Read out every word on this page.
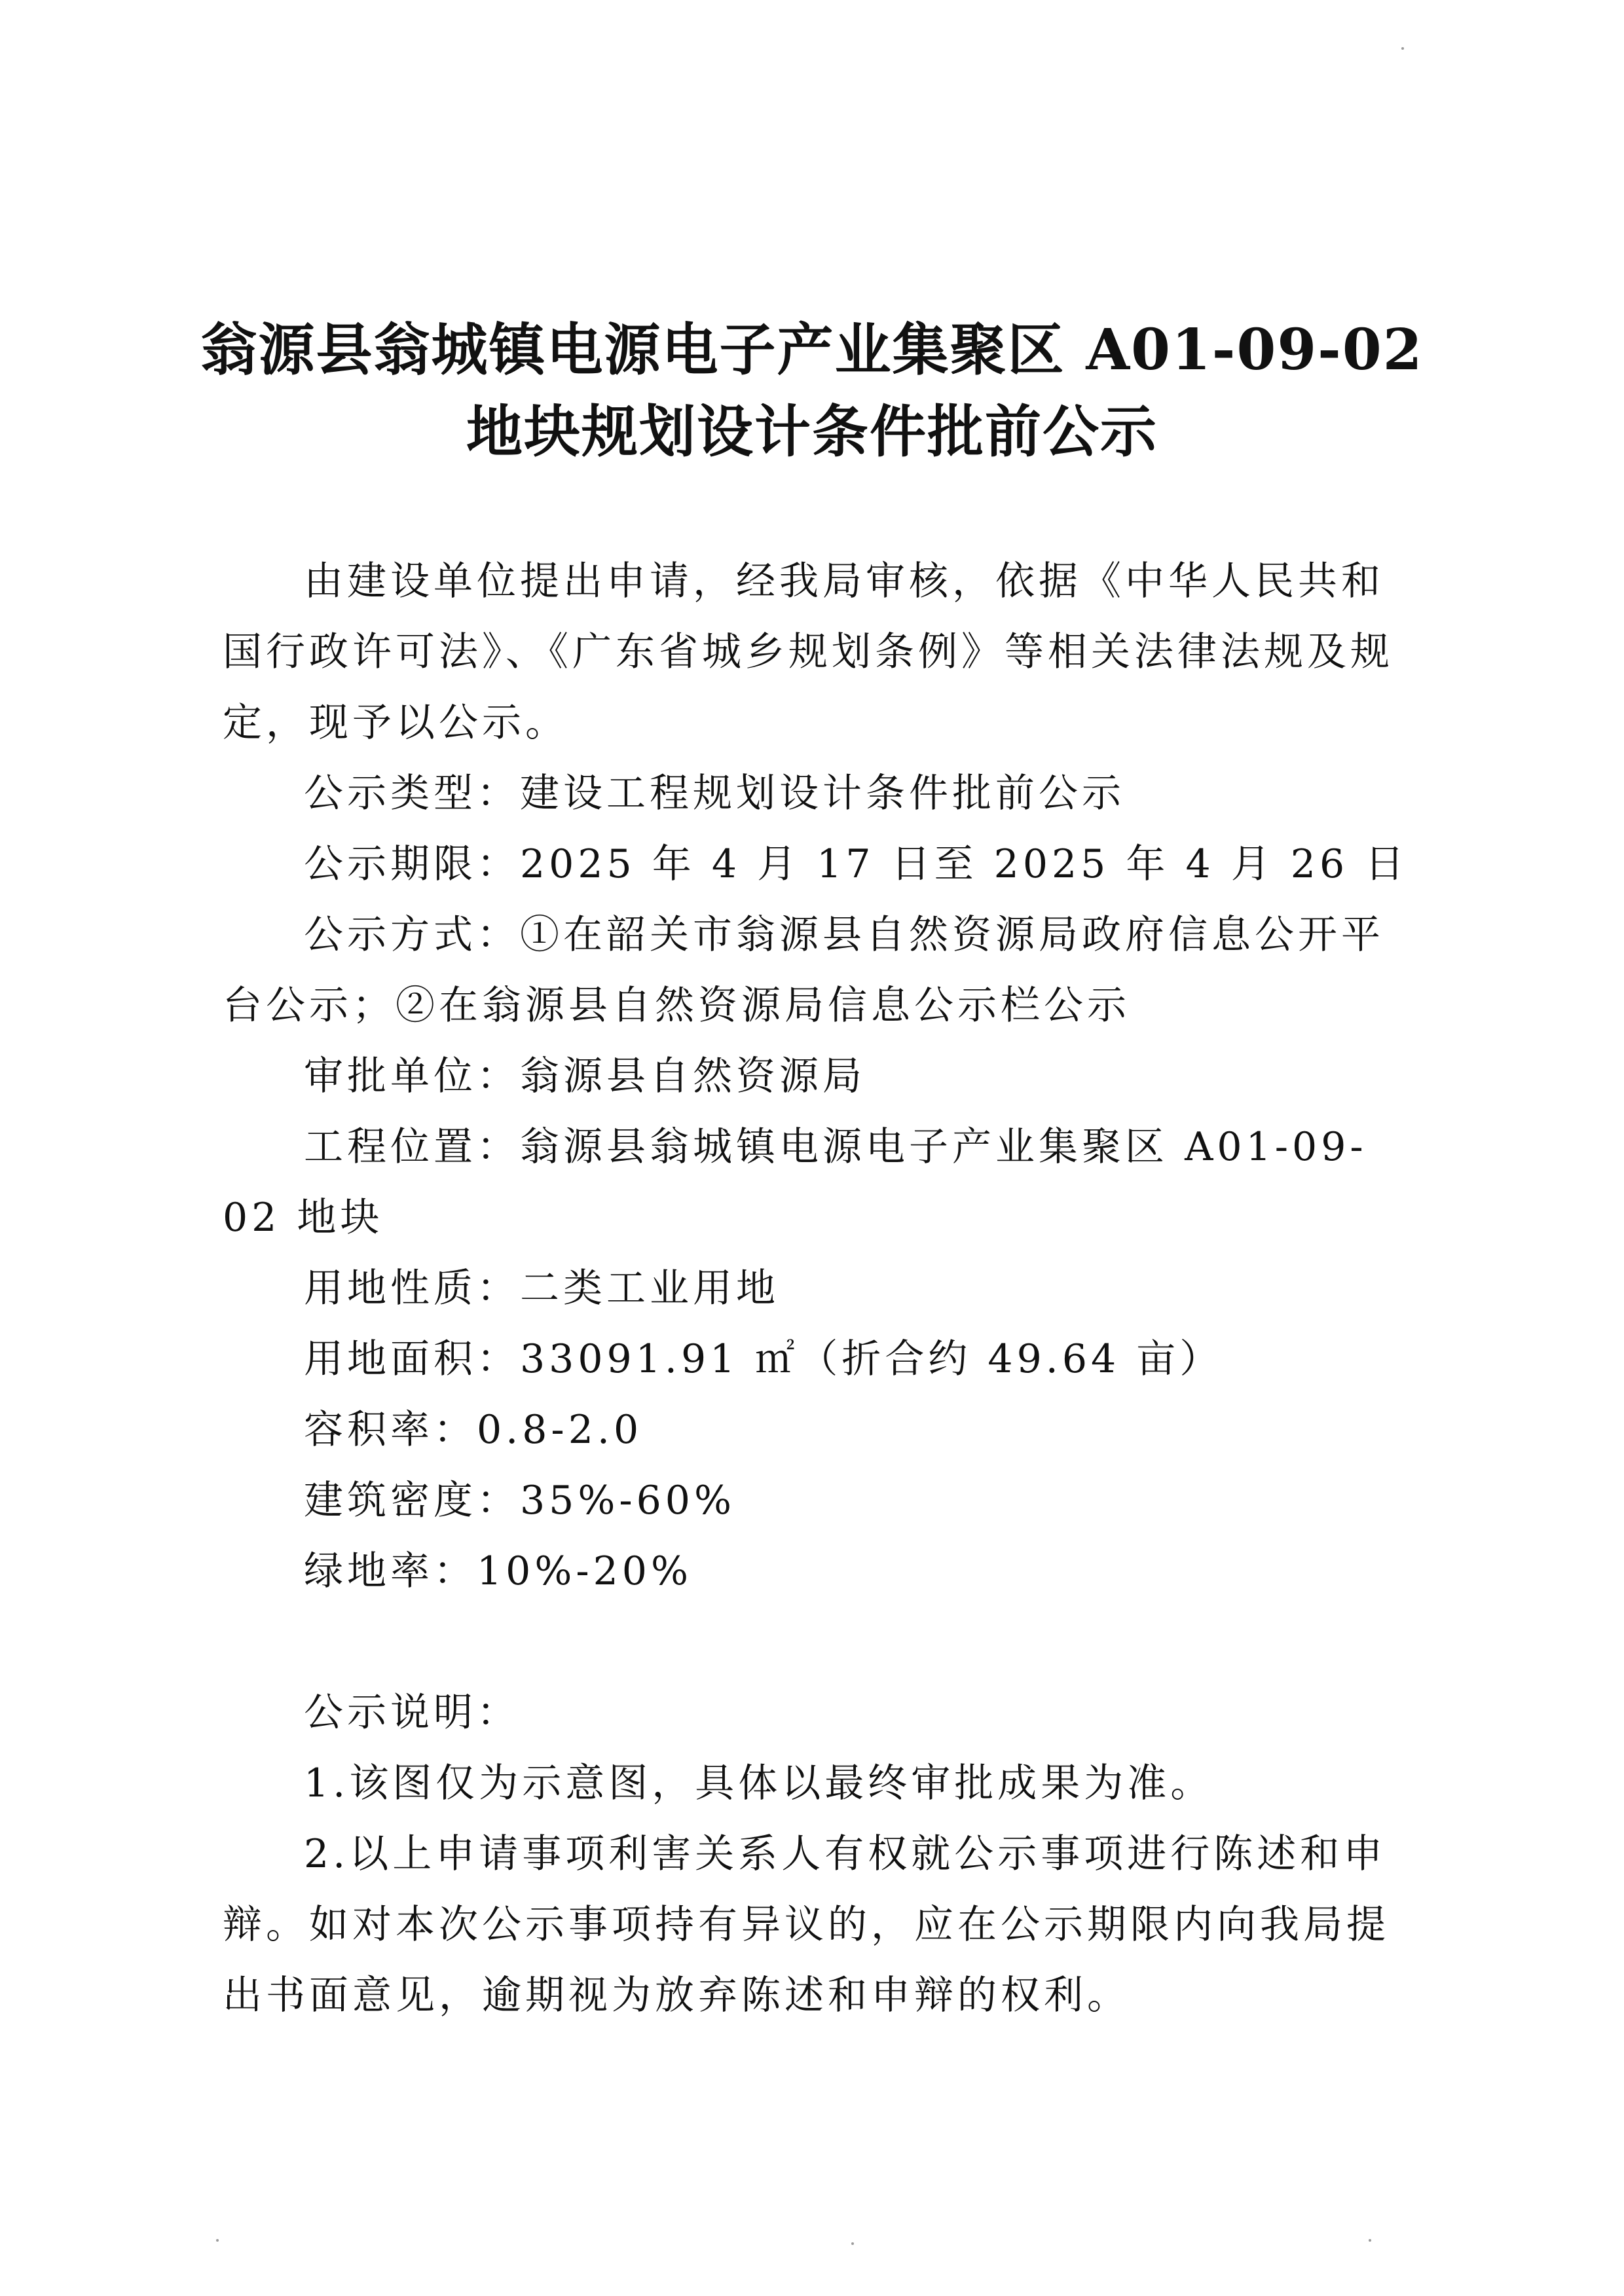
翁源县翁城镇电源电子产业集聚区 A01-09-02
地块规划设计条件批前公示

由建设单位提出申请，经我局审核，依据《中华人民共和国行政许可法》、《广东省城乡规划条例》等相关法律法规及规定，现予以公示。

公示类型：建设工程规划设计条件批前公示

公示期限：2025 年 4 月 17 日至 2025 年 4 月 26 日

公示方式：①在韶关市翁源县自然资源局政府信息公开平台公示；②在翁源县自然资源局信息公示栏公示

审批单位：翁源县自然资源局

工程位置：翁源县翁城镇电源电子产业集聚区 A01-09-02 地块

用地性质：二类工业用地

用地面积：33091.91 ㎡（折合约 49.64 亩）

容积率：0.8-2.0

建筑密度：35%-60%

绿地率：10%-20%

公示说明：

1.该图仅为示意图，具体以最终审批成果为准。

2.以上申请事项利害关系人有权就公示事项进行陈述和申辩。如对本次公示事项持有异议的，应在公示期限内向我局提出书面意见，逾期视为放弃陈述和申辩的权利。
